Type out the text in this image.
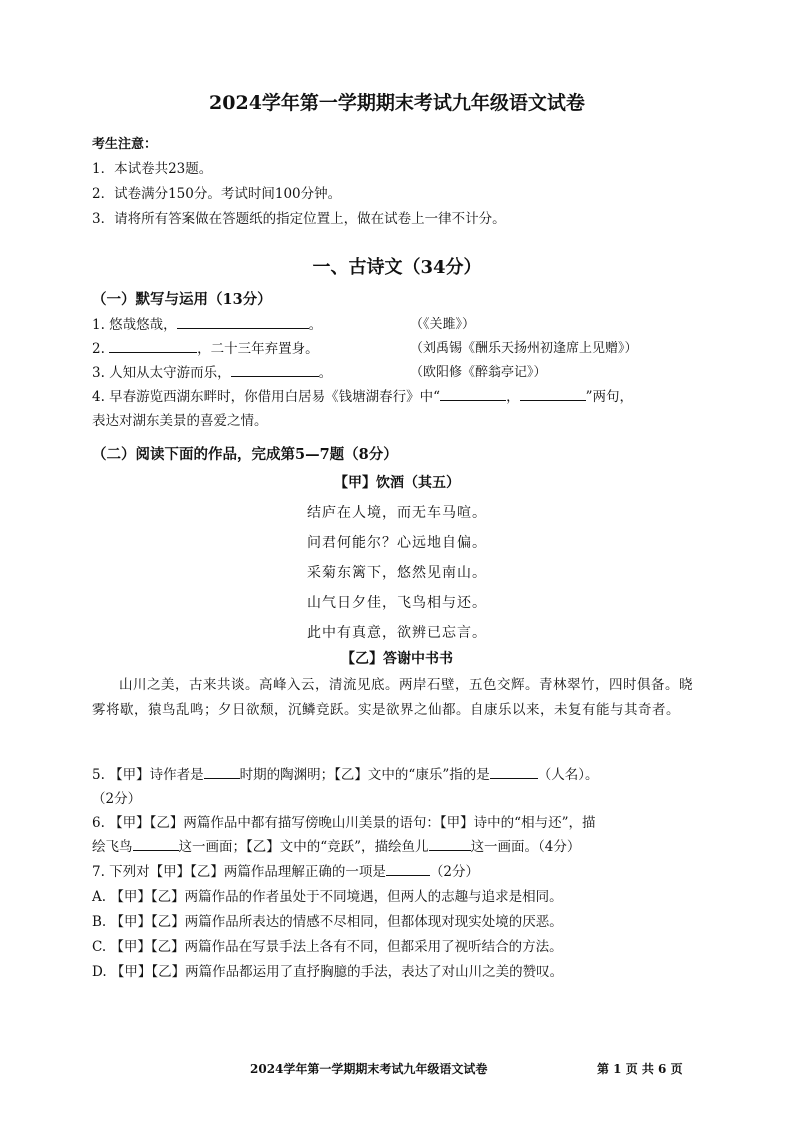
2024学年第一学期期末考试九年级语文试卷
考生注意：
1．本试卷共23题。
2．试卷满分150分。考试时间100分钟。
3．请将所有答案做在答题纸的指定位置上，做在试卷上一律不计分。
一、古诗文（34分）
（一）默写与运用（13分）
1. 悠哉悠哉，	。	（《关雎》）
2.	，二十三年弃置身。	（刘禹锡《酬乐天扬州初逢席上见赠》）
3. 人知从太守游而乐，	。	（欧阳修《醉翁亭记》）
4. 早春游览西湖东畔时，你借用白居易《钱塘湖春行》中“	，	”两句，
表达对湖东美景的喜爱之情。
（二）阅读下面的作品，完成第5—7题（8分）
【甲】饮酒（其五）
结庐在人境，而无车马喧。
问君何能尔？心远地自偏。
采菊东篱下，悠然见南山。
山气日夕佳，飞鸟相与还。
此中有真意，欲辨已忘言。
【乙】答谢中书书
山川之美，古来共谈。高峰入云，清流见底。两岸石壁，五色交辉。青林翠竹，四时俱备。晓雾将歇，猿鸟乱鸣；夕日欲颓，沉鳞竞跃。实是欲界之仙都。自康乐以来，未复有能与其奇者。
5. 【甲】诗作者是	时期的陶渊明；【乙】文中的“康乐”指的是	（人名）。
（2分）
6. 【甲】【乙】两篇作品中都有描写傍晚山川美景的语句：【甲】诗中的“相与还”，描
绘飞鸟	这一画面；【乙】文中的“竞跃”，描绘鱼儿	这一画面。（4分）
7. 下列对【甲】【乙】两篇作品理解正确的一项是	（2分）
A. 【甲】【乙】两篇作品的作者虽处于不同境遇，但两人的志趣与追求是相同。
B. 【甲】【乙】两篇作品所表达的情感不尽相同，但都体现对现实处境的厌恶。
C. 【甲】【乙】两篇作品在写景手法上各有不同，但都采用了视听结合的方法。
D. 【甲】【乙】两篇作品都运用了直抒胸臆的手法，表达了对山川之美的赞叹。
2024学年第一学期期末考试九年级语文试卷	第 1 页 共 6 页
